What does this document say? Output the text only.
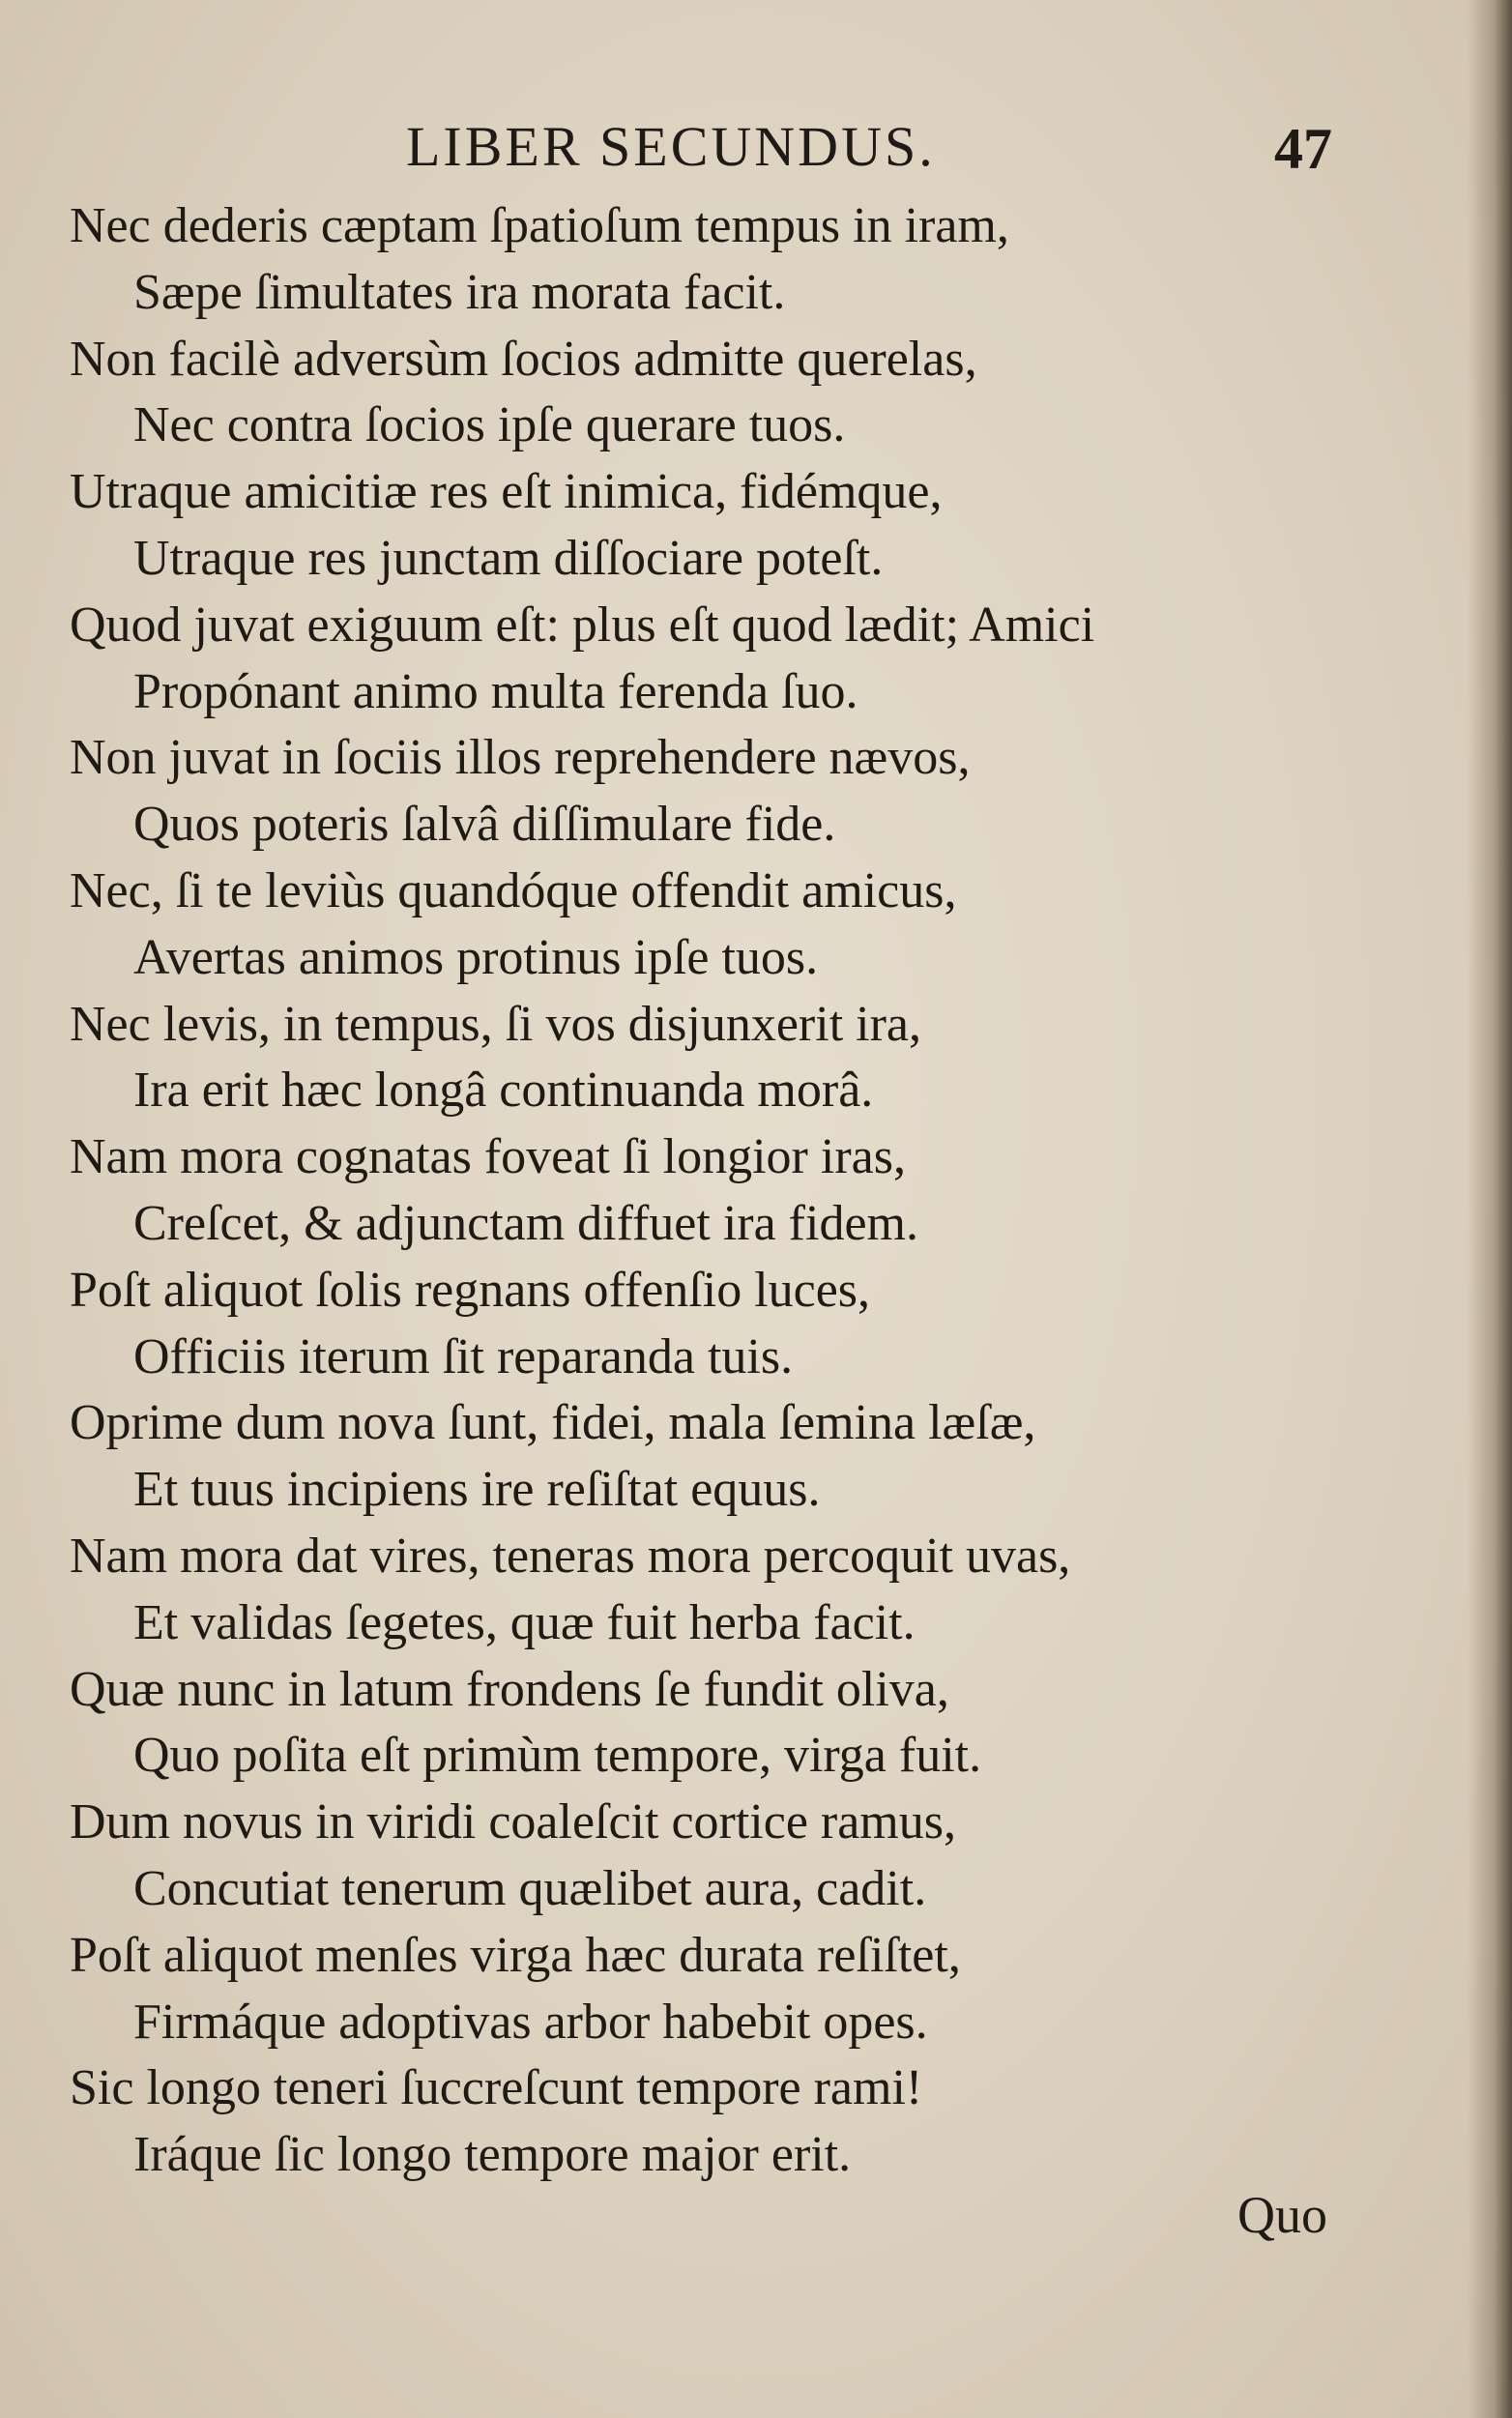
LIBER SECUNDUS.	47
Nec dederis cæptam ſpatioſum tempus in iram,
Sæpe ſimultates ira morata facit.
Non facilè adversùm ſocios admitte querelas,
Nec contra ſocios ipſe querare tuos.
Utraque amicitiæ res eſt inimica, fidémque,
Utraque res junctam diſſociare poteſt.
Quod juvat exiguum eſt: plus eſt quod lædit; Amici
Propónant animo multa ferenda ſuo.
Non juvat in ſociis illos reprehendere nævos,
Quos poteris ſalvâ diſſimulare fide.
Nec, ſi te leviùs quandóque offendit amicus,
Avertas animos protinus ipſe tuos.
Nec levis, in tempus, ſi vos disjunxerit ira,
Ira erit hæc longâ continuanda morâ.
Nam mora cognatas foveat ſi longior iras,
Creſcet, & adjunctam diffuet ira fidem.
Poſt aliquot ſolis regnans offenſio luces,
Officiis iterum ſit reparanda tuis.
Oprime dum nova ſunt, fidei, mala ſemina læſæ,
Et tuus incipiens ire reſiſtat equus.
Nam mora dat vires, teneras mora percoquit uvas,
Et validas ſegetes, quæ fuit herba facit.
Quæ nunc in latum frondens ſe fundit oliva,
Quo poſita eſt primùm tempore, virga fuit.
Dum novus in viridi coaleſcit cortice ramus,
Concutiat tenerum quælibet aura, cadit.
Poſt aliquot menſes virga hæc durata reſiſtet,
Firmáque adoptivas arbor habebit opes.
Sic longo teneri ſuccreſcunt tempore rami!
Iráque ſic longo tempore major erit.
Quo
